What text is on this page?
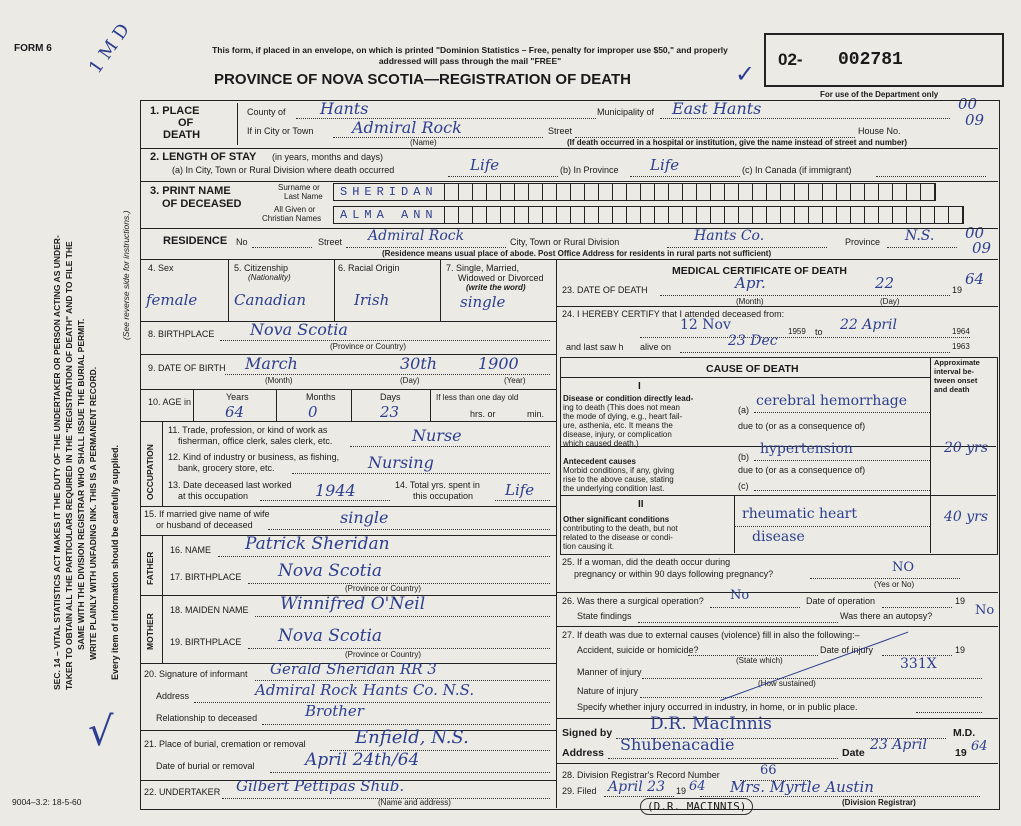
FORM 6 1 M D	This form, if placed in an envelope, on which is printed "Dominion Statistics – Free, penalty for improper use $50," and properly addressed will pass through the mail "FREE"
PROVINCE OF NOVA SCOTIA—REGISTRATION OF DEATH	✓
02- 002781
For use of the Department only
00
09
00
09
SEC. 14 – VITAL STATISTICS ACT MAKES IT THE DUTY OF THE UNDERTAKER OR PERSON ACTING AS UNDER- TAKER TO OBTAIN ALL THE PARTICULARS REQUIRED IN THE "REGISTRATION OF DEATH" AND TO FILE THE SAME WITH THE DIVISION REGISTRAR WHO SHALL ISSUE THE BURIAL PERMIT. WRITE PLAINLY WITH UNFADING INK. THIS IS A PERMANENT RECORD. Every item of information should be carefully supplied.
(See reverse side for instructions.)
√
1. PLACE
OF
DEATH
County of Hants	Municipality of East Hants
If in City or Town Admiral Rock
(Name)
Street	House No.
(If death occurred in a hospital or institution, give the name instead of street and number)
2. LENGTH OF STAY (in years, months and days)
(a) In City, Town or Rural Division where death occurred	Life	(b) In Province Life	(c) In Canada (if immigrant)
3. PRINT NAME
OF DECEASED
Surname or
Last Name
All Given or
Christian Names
SHERIDAN
ALMA ANN
RESIDENCE No	Street Admiral Rock	City, Town or Rural Division	Hants Co.	Province N.S.
(Residence means usual place of abode. Post Office Address for residents in rural parts not sufficient)
4. Sex
female
5. Citizenship
(Nationality)
Canadian
6. Racial Origin
Irish
7. Single, Married,
Widowed or Divorced
(write the word)
single
8. BIRTHPLACE Nova Scotia
(Province or Country)
9. DATE OF BIRTH March	30th	1900
(Month)	(Day)	(Year)
10. AGE in	Years	Months	Days
64	0	23
If less than one day old
hrs. or	min.
OCCUPATION
11. Trade, profession, or kind of work as
fisherman, office clerk, sales clerk, etc.	Nurse
12. Kind of industry or business, as fishing,
bank, grocery store, etc.	Nursing
13. Date deceased last worked
at this occupation	1944	14. Total yrs. spent in
this occupation Life
15. If married give name of wife
or husband of deceased	single
FATHER
16. NAME Patrick Sheridan
17. BIRTHPLACE Nova Scotia
(Province or Country)
MOTHER
18. MAIDEN NAME Winnifred O'Neil
19. BIRTHPLACE Nova Scotia
(Province or Country)
20. Signature of informant Gerald Sheridan RR 3
Address	Admiral Rock Hants Co. N.S.
Relationship to deceased	Brother
21. Place of burial, cremation or removal	Enfield, N.S.
Date of burial or removal	April 24th/64
22. UNDERTAKER Gilbert Pettipas Shub.
(Name and address)
9004–3.2: 18-5-60
MEDICAL CERTIFICATE OF DEATH
23. DATE OF DEATH	Apr.	22	19
64
(Month)	(Day)
24. I HEREBY CERTIFY that I attended deceased from:
12 Nov	1959 to 22 April	1964
and last saw h alive on	23 Dec	1963
CAUSE OF DEATH
Approximate
interval be-
tween onset
and death
I
Disease or condition directly lead-
ing to death (This does not mean
the mode of dying, e.g., heart fail-
ure, asthenia, etc. It means the
disease, injury, or complication
which caused death.)
(a)
cerebral hemorrhage
due to (or as a consequence of)
Antecedent causes
Morbid conditions, if any, giving
rise to the above cause, stating
the underlying condition last.
(b) hypertension	20 yrs
due to (or as a consequence of)
(c)
II
Other significant conditions
contributing to the death, but not
related to the disease or condi-
tion causing it.
rheumatic heart
disease
40 yrs
25. If a woman, did the death occur during
pregnancy or within 90 days following pregnancy?	NO
(Yes or No)
26. Was there a surgical operation? No	Date of operation	19
State findings	Was there an autopsy?	No
27. If death was due to external causes (violence) fill in also the following:–
Accident, suicide or homicide?	Date of injury	19
(State which)
Manner of injury	331X
(How sustained)
Nature of injury
Specify whether injury occurred in industry, in home, or in public place.
Signed by D.R. MacInnis	M.D.
Address Shubenacadie	Date 23 April	19 64
28. Division Registrar's Record Number	66
29. Filed April 23 19 64 Mrs. Myrtle Austin
(Division Registrar)
(D.R. MACINNIS)
